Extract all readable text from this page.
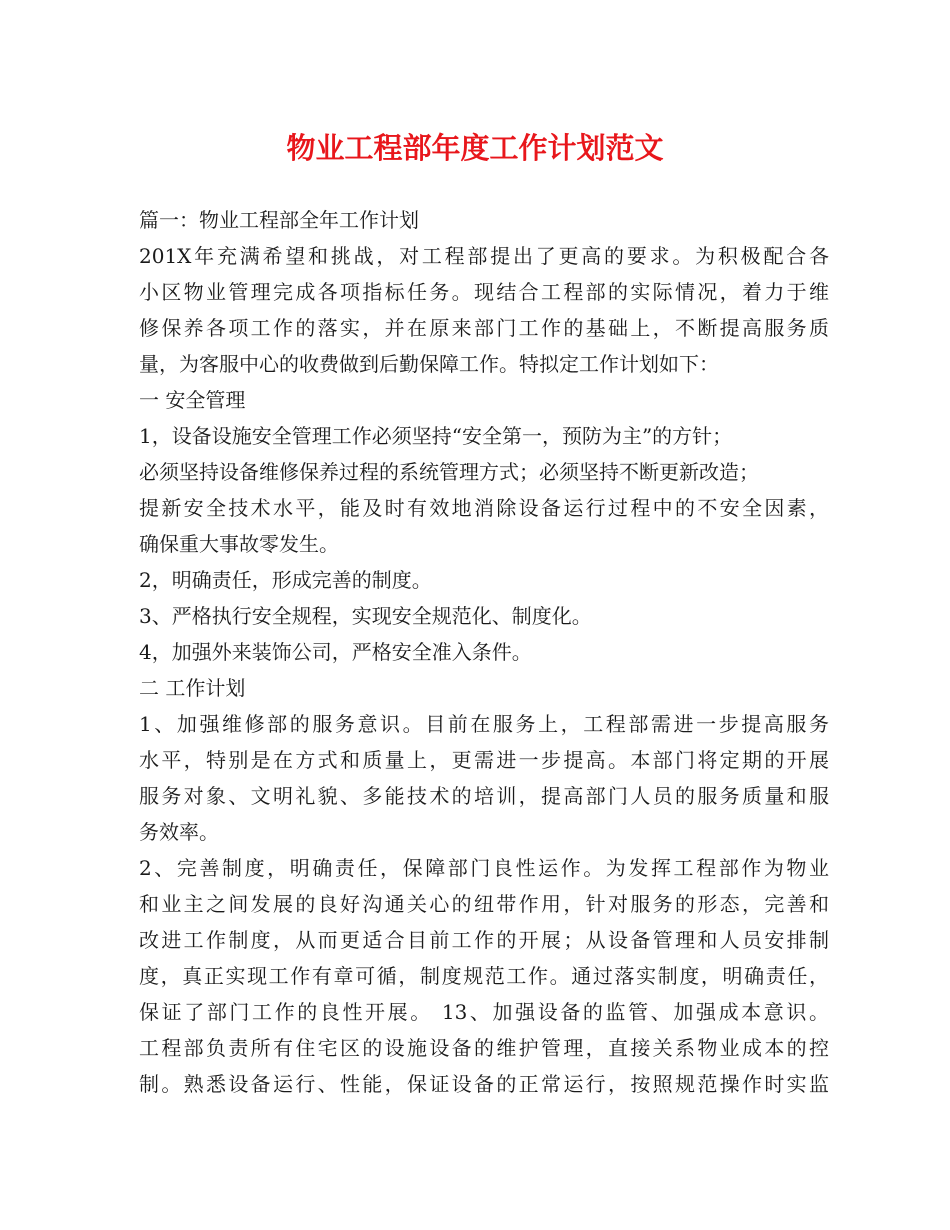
物业工程部年度工作计划范文
篇一：物业工程部全年工作计划
201X年充满希望和挑战，对工程部提出了更高的要求。为积极配合各
小区物业管理完成各项指标任务。现结合工程部的实际情况，着力于维
修保养各项工作的落实，并在原来部门工作的基础上，不断提高服务质
量，为客服中心的收费做到后勤保障工作。特拟定工作计划如下：
一 安全管理
1，设备设施安全管理工作必须坚持“安全第一，预防为主”的方针；
必须坚持设备维修保养过程的系统管理方式；必须坚持不断更新改造；
提新安全技术水平，能及时有效地消除设备运行过程中的不安全因素，
确保重大事故零发生。
2，明确责任，形成完善的制度。
3、严格执行安全规程，实现安全规范化、制度化。
4，加强外来装饰公司，严格安全准入条件。
二 工作计划
1、加强维修部的服务意识。目前在服务上，工程部需进一步提高服务
水平，特别是在方式和质量上，更需进一步提高。本部门将定期的开展
服务对象、文明礼貌、多能技术的培训，提高部门人员的服务质量和服
务效率。
2、完善制度，明确责任，保障部门良性运作。为发挥工程部作为物业
和业主之间发展的良好沟通关心的纽带作用，针对服务的形态，完善和
改进工作制度，从而更适合目前工作的开展；从设备管理和人员安排制
度，真正实现工作有章可循，制度规范工作。通过落实制度，明确责任，
保证了部门工作的良性开展。 13、加强设备的监管、加强成本意识。
工程部负责所有住宅区的设施设备的维护管理，直接关系物业成本的控
制。熟悉设备运行、性能，保证设备的正常运行，按照规范操作时实监
